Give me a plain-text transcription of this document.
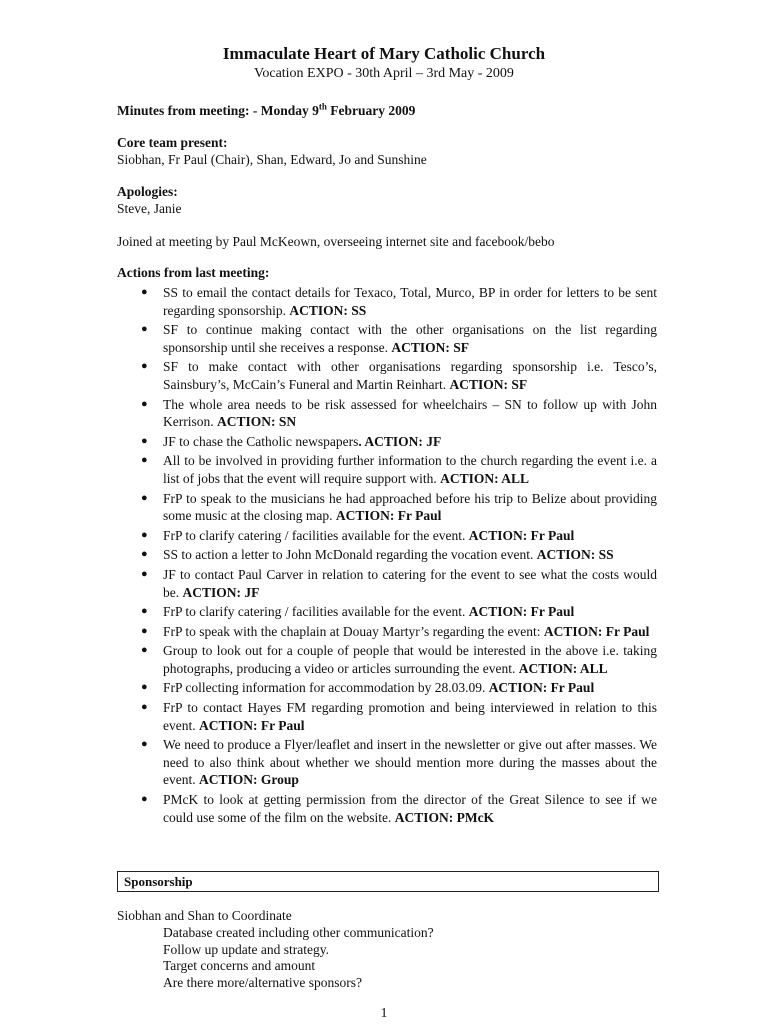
Immaculate Heart of Mary Catholic Church
Vocation EXPO - 30th April – 3rd May - 2009
Minutes from meeting: - Monday 9th February 2009
Core team present:
Siobhan, Fr Paul (Chair), Shan, Edward, Jo and Sunshine
Apologies:
Steve, Janie
Joined at meeting by Paul McKeown, overseeing internet site and facebook/bebo
Actions from last meeting:
● SS to email the contact details for Texaco, Total, Murco, BP in order for letters to be sent regarding sponsorship. ACTION: SS
● SF to continue making contact with the other organisations on the list regarding sponsorship until she receives a response. ACTION: SF
● SF to make contact with other organisations regarding sponsorship i.e. Tesco’s, Sainsbury’s, McCain’s Funeral and Martin Reinhart. ACTION: SF
● The whole area needs to be risk assessed for wheelchairs – SN to follow up with John Kerrison. ACTION: SN
● JF to chase the Catholic newspapers. ACTION: JF
● All to be involved in providing further information to the church regarding the event i.e. a list of jobs that the event will require support with. ACTION: ALL
● FrP to speak to the musicians he had approached before his trip to Belize about providing some music at the closing map. ACTION: Fr Paul
● FrP to clarify catering / facilities available for the event. ACTION: Fr Paul
● SS to action a letter to John McDonald regarding the vocation event. ACTION: SS
● JF to contact Paul Carver in relation to catering for the event to see what the costs would be. ACTION: JF
● FrP to clarify catering / facilities available for the event. ACTION: Fr Paul
● FrP to speak with the chaplain at Douay Martyr’s regarding the event: ACTION: Fr Paul
● Group to look out for a couple of people that would be interested in the above i.e. taking photographs, producing a video or articles surrounding the event. ACTION: ALL
● FrP collecting information for accommodation by 28.03.09. ACTION: Fr Paul
● FrP to contact Hayes FM regarding promotion and being interviewed in relation to this event. ACTION: Fr Paul
● We need to produce a Flyer/leaflet and insert in the newsletter or give out after masses. We need to also think about whether we should mention more during the masses about the event. ACTION: Group
● PMcK to look at getting permission from the director of the Great Silence to see if we could use some of the film on the website. ACTION: PMcK
Sponsorship
Siobhan and Shan to Coordinate
Database created including other communication?
Follow up update and strategy.
Target concerns and amount
Are there more/alternative sponsors?
1
